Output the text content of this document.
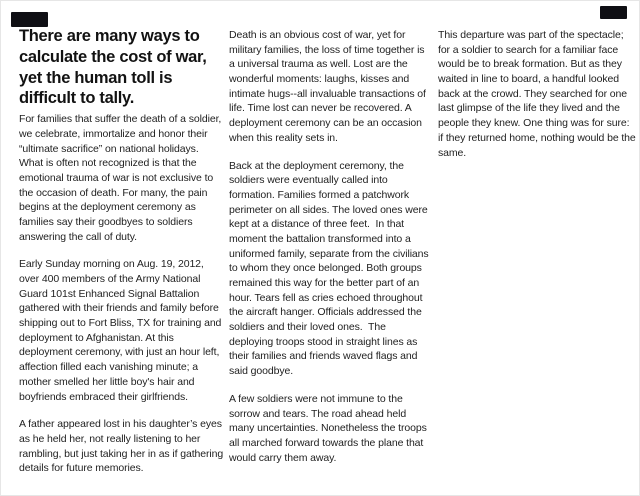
There are many ways to calculate the cost of war, yet the human toll is difficult to tally.

For families that suffer the death of a soldier, we celebrate, immortalize and honor their “ultimate sacrifice” on national holidays. What is often not recognized is that the emotional trauma of war is not exclusive to the occasion of death. For many, the pain begins at the deployment ceremony as families say their goodbyes to soldiers answering the call of duty.

Early Sunday morning on Aug. 19, 2012, over 400 members of the Army National Guard 101st Enhanced Signal Battalion gathered with their friends and family before shipping out to Fort Bliss, TX for training and deployment to Afghanistan. At this deployment ceremony, with just an hour left, affection filled each vanishing minute; a mother smelled her little boy's hair and boyfriends embraced their girlfriends.

A father appeared lost in his daughter’s eyes as he held her, not really listening to her rambling, but just taking her in as if gathering details for future memories.

Death is an obvious cost of war, yet for military families, the loss of time together is a universal trauma as well. Lost are the wonderful moments: laughs, kisses and intimate hugs--all invaluable transactions of life. Time lost can never be recovered. A deployment ceremony can be an occasion when this reality sets in.

Back at the deployment ceremony, the soldiers were eventually called into formation. Families formed a patchwork perimeter on all sides. The loved ones were kept at a distance of three feet.  In that moment the battalion transformed into a uniformed family, separate from the civilians to whom they once belonged. Both groups remained this way for the better part of an hour. Tears fell as cries echoed throughout the aircraft hanger. Officials addressed the soldiers and their loved ones.  The deploying troops stood in straight lines as their families and friends waved flags and said goodbye.

A few soldiers were not immune to the sorrow and tears. The road ahead held many uncertainties. Nonetheless the troops all marched forward towards the plane that would carry them away.

This departure was part of the spectacle; for a soldier to search for a familiar face would be to break formation. But as they waited in line to board, a handful looked back at the crowd. They searched for one last glimpse of the life they lived and the people they knew. One thing was for sure: if they returned home, nothing would be the same.
